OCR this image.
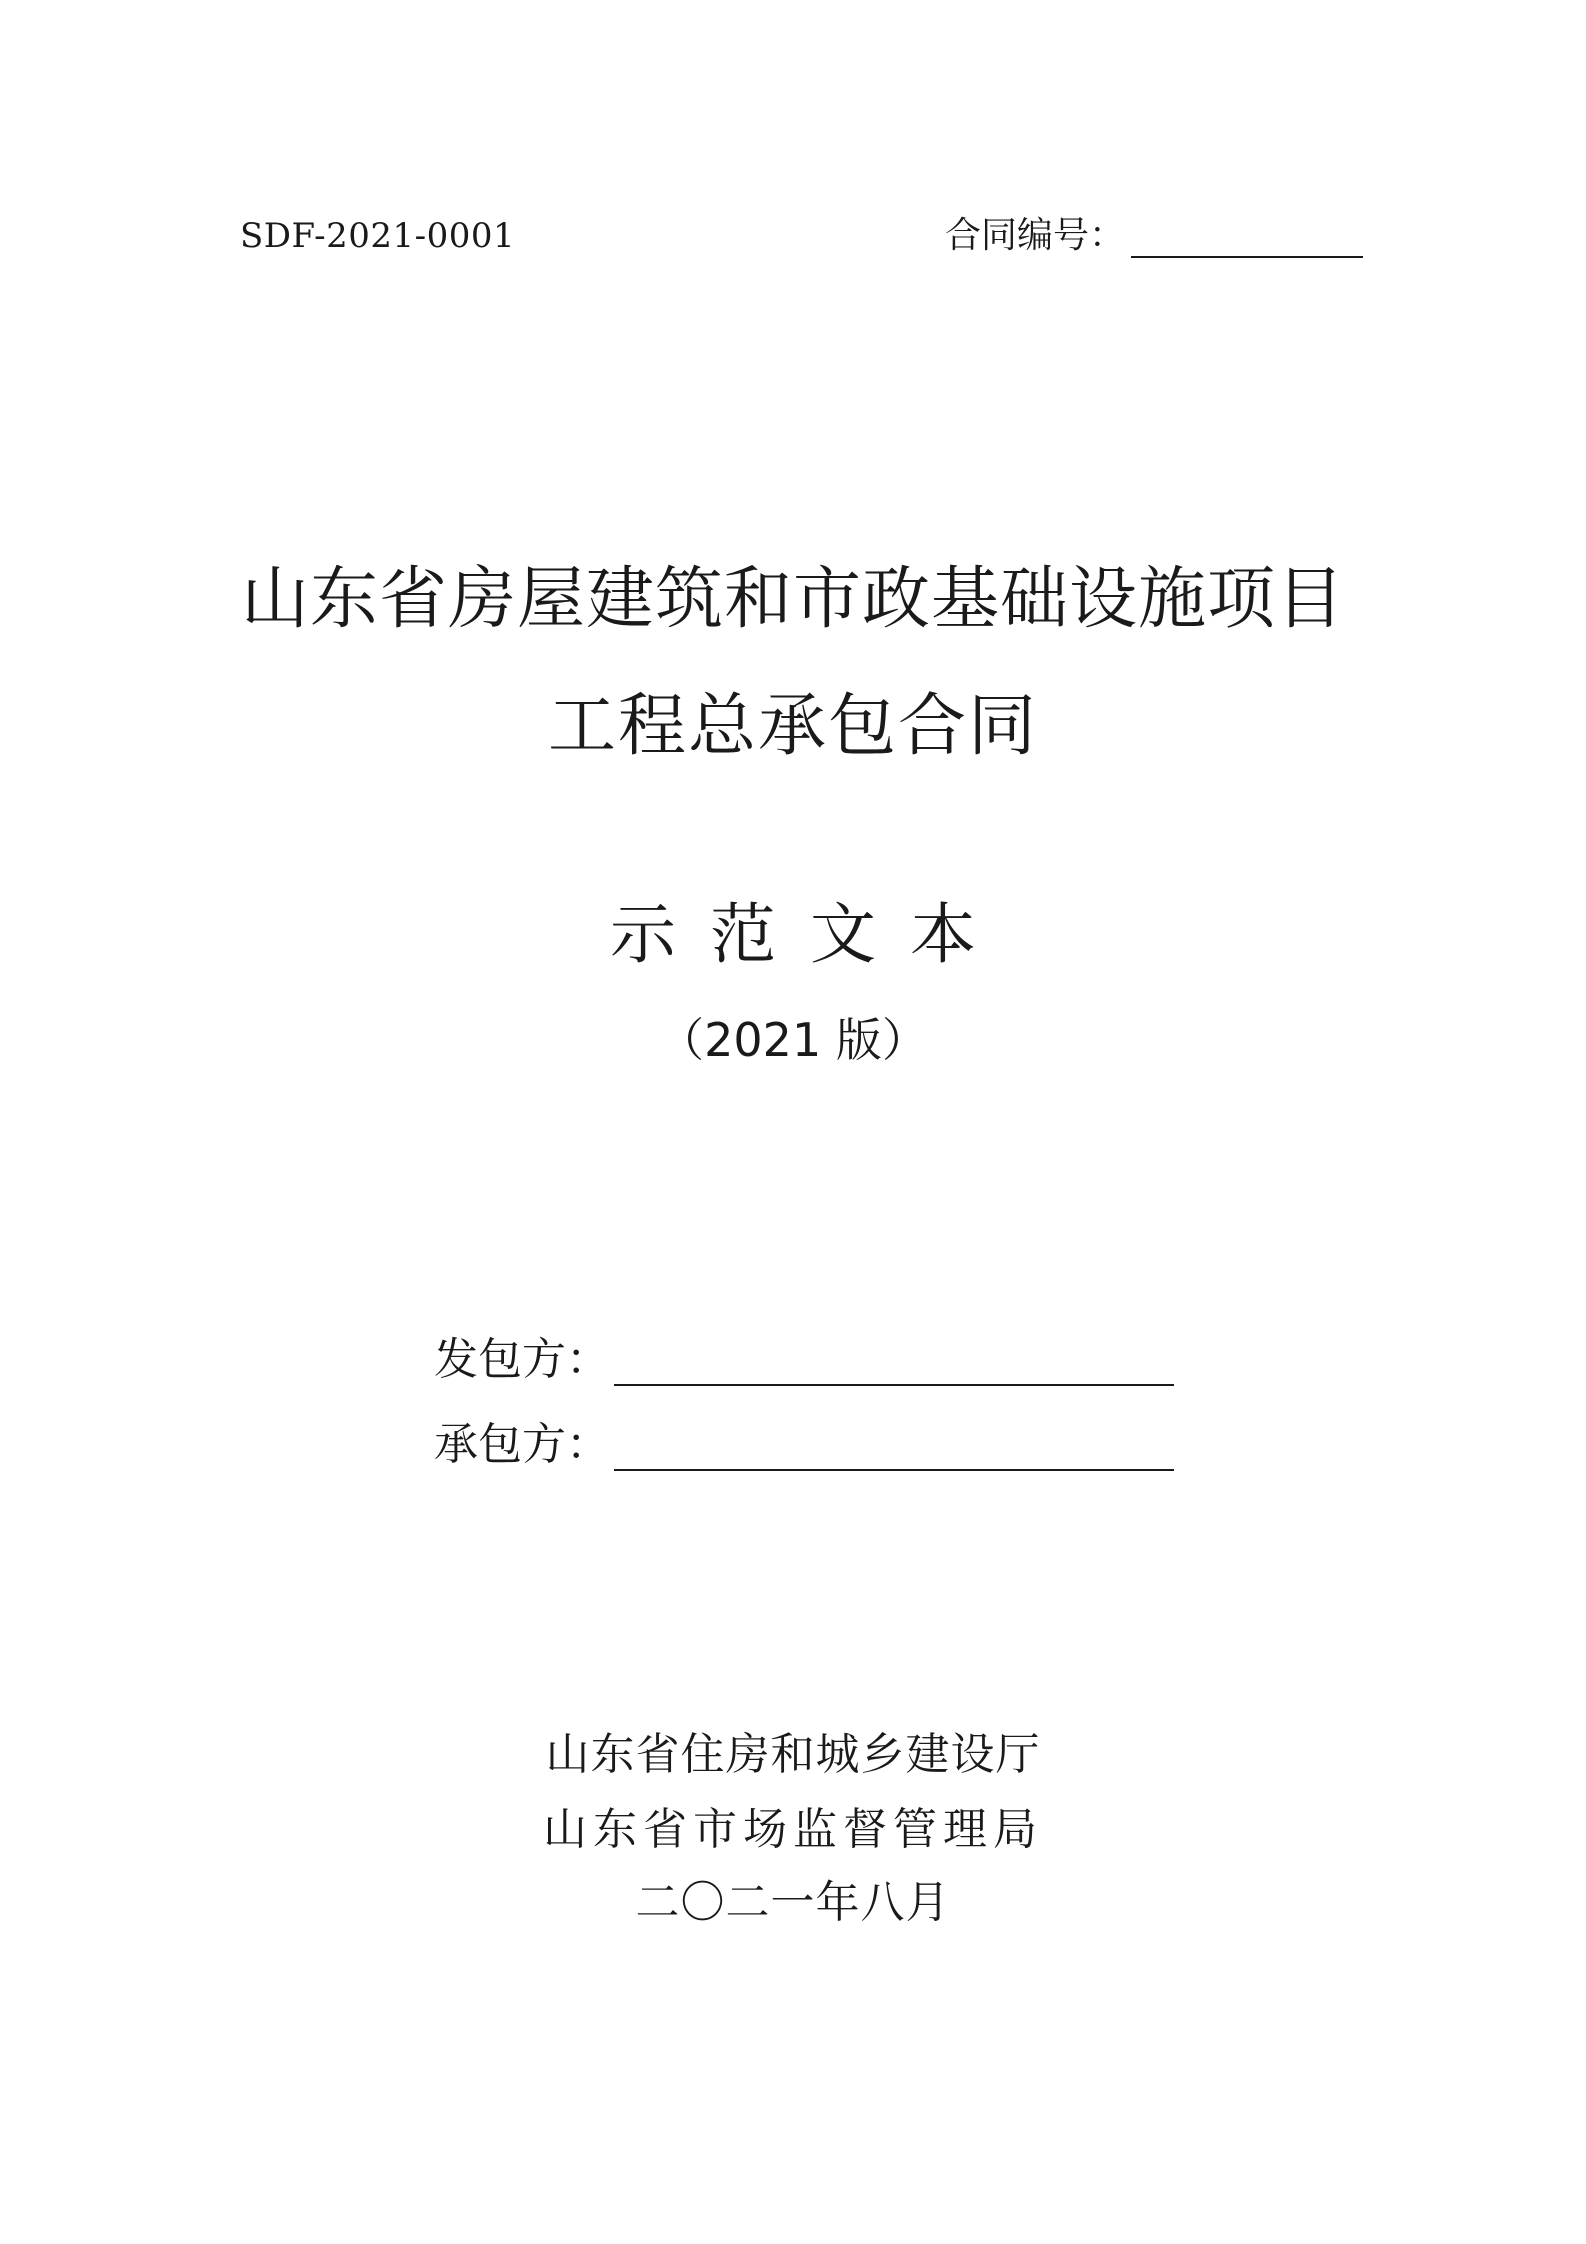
SDF-2021-0001	合同编号：
山东省房屋建筑和市政基础设施项目
工程总承包合同
示范文本
（2021 版）
发包方：
承包方：
山东省住房和城乡建设厅
山东省市场监督管理局
二〇二一年八月
